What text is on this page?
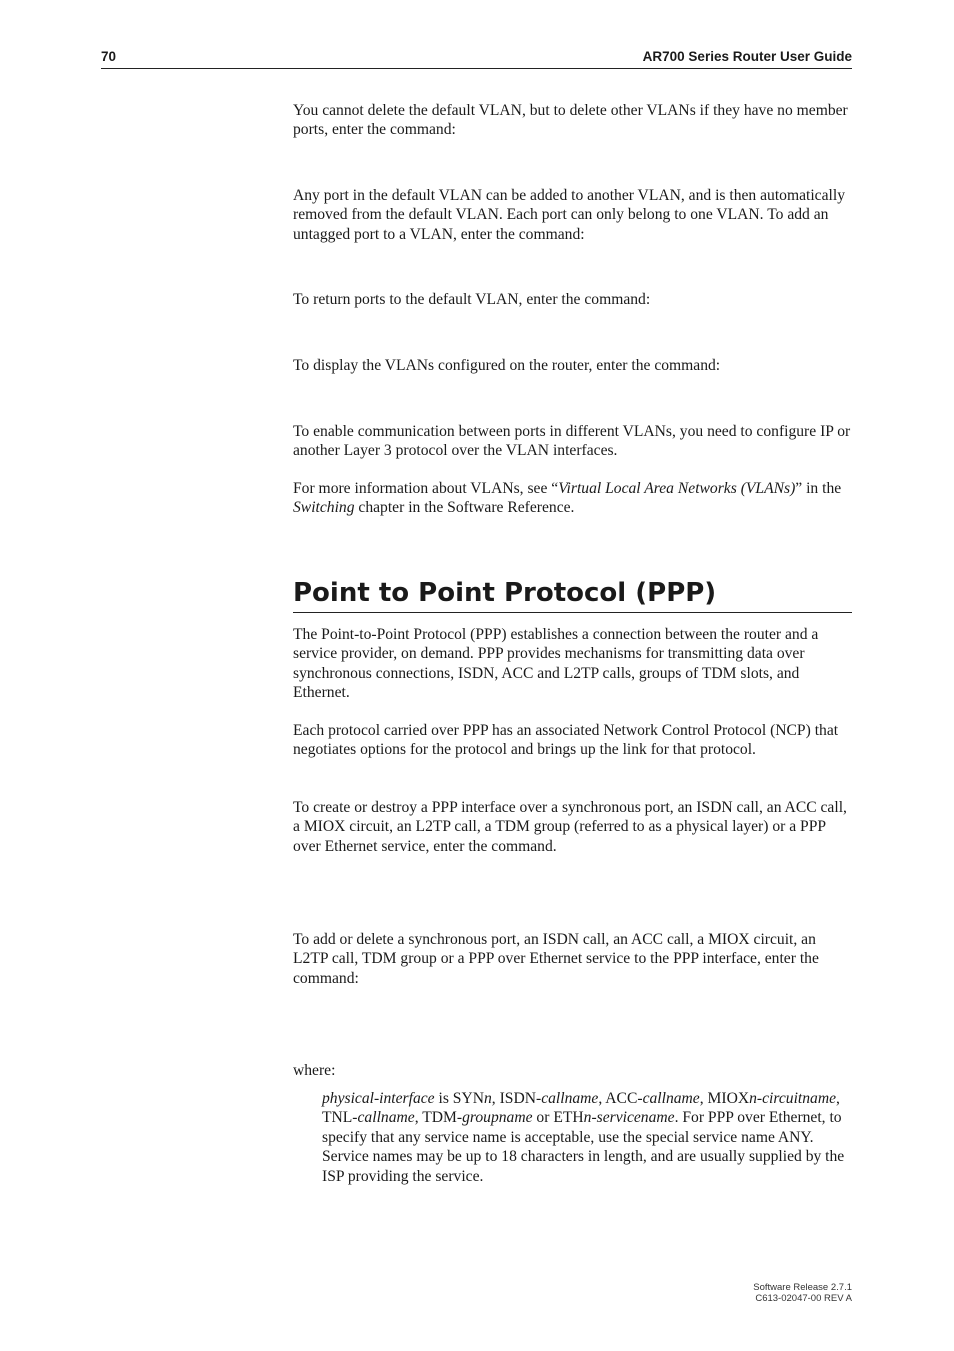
70	AR700 Series Router User Guide

You cannot delete the default VLAN, but to delete other VLANs if they have no member ports, enter the command:

Any port in the default VLAN can be added to another VLAN, and is then automatically removed from the default VLAN. Each port can only belong to one VLAN. To add an untagged port to a VLAN, enter the command:

To return ports to the default VLAN, enter the command:

To display the VLANs configured on the router, enter the command:

To enable communication between ports in different VLANs, you need to configure IP or another Layer 3 protocol over the VLAN interfaces.

For more information about VLANs, see “Virtual Local Area Networks (VLANs)” in the Switching chapter in the Software Reference.

Point to Point Protocol (PPP)

The Point-to-Point Protocol (PPP) establishes a connection between the router and a service provider, on demand. PPP provides mechanisms for transmitting data over synchronous connections, ISDN, ACC and L2TP calls, groups of TDM slots, and Ethernet.

Each protocol carried over PPP has an associated Network Control Protocol (NCP) that negotiates options for the protocol and brings up the link for that protocol.

To create or destroy a PPP interface over a synchronous port, an ISDN call, an ACC call, a MIOX circuit, an L2TP call, a TDM group (referred to as a physical layer) or a PPP over Ethernet service, enter the command.

To add or delete a synchronous port, an ISDN call, an ACC call, a MIOX circuit, an L2TP call, TDM group or a PPP over Ethernet service to the PPP interface, enter the command:

where:

physical-interface is SYNn, ISDN-callname, ACC-callname, MIOXn-circuitname, TNL-callname, TDM-groupname or ETHn-servicename. For PPP over Ethernet, to specify that any service name is acceptable, use the special service name ANY. Service names may be up to 18 characters in length, and are usually supplied by the ISP providing the service.

Software Release 2.7.1
C613-02047-00 REV A
